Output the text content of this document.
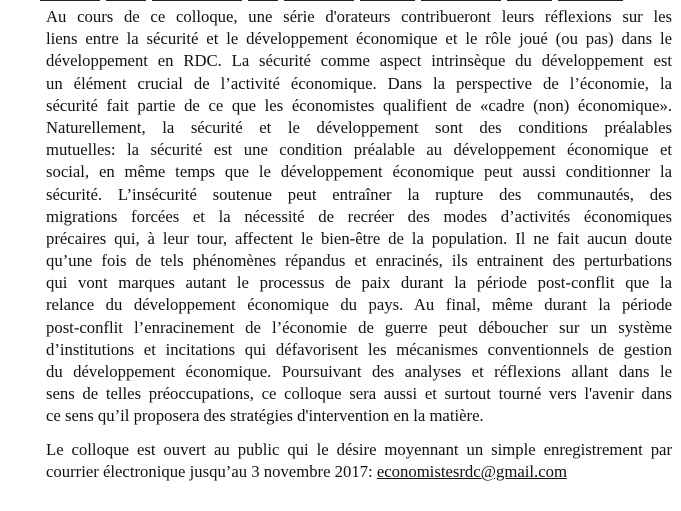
Au cours de ce colloque, une série d'orateurs contribueront leurs réflexions sur les
liens entre la sécurité et le développement économique et le rôle joué (ou pas) dans le
développement en RDC. La sécurité comme aspect intrinsèque du développement est
un élément crucial de l’activité économique. Dans la perspective de l’économie, la
sécurité fait partie de ce que les économistes qualifient de «cadre (non) économique».
Naturellement, la sécurité et le développement sont des conditions préalables
mutuelles: la sécurité est une condition préalable au développement économique et
social, en même temps que le développement économique peut aussi conditionner la
sécurité. L’insécurité soutenue peut entraîner la rupture des communautés, des
migrations forcées et la nécessité de recréer des modes d’activités économiques
précaires qui, à leur tour, affectent le bien-être de la population. Il ne fait aucun doute
qu’une fois de tels phénomènes répandus et enracinés, ils entrainent des perturbations
qui vont marques autant le processus de paix durant la période post-conflit que la
relance du développement économique du pays. Au final, même durant la période
post-conflit l’enracinement de l’économie de guerre peut déboucher sur un système
d’institutions et incitations qui défavorisent les mécanismes conventionnels de gestion
du développement économique. Poursuivant des analyses et réflexions allant dans le
sens de telles préoccupations, ce colloque sera aussi et surtout tourné vers l'avenir dans
ce sens qu’il proposera des stratégies d'intervention en la matière.
Le colloque est ouvert au public qui le désire moyennant un simple enregistrement par
courrier électronique jusqu’au 3 novembre 2017: economistesrdc@gmail.com
